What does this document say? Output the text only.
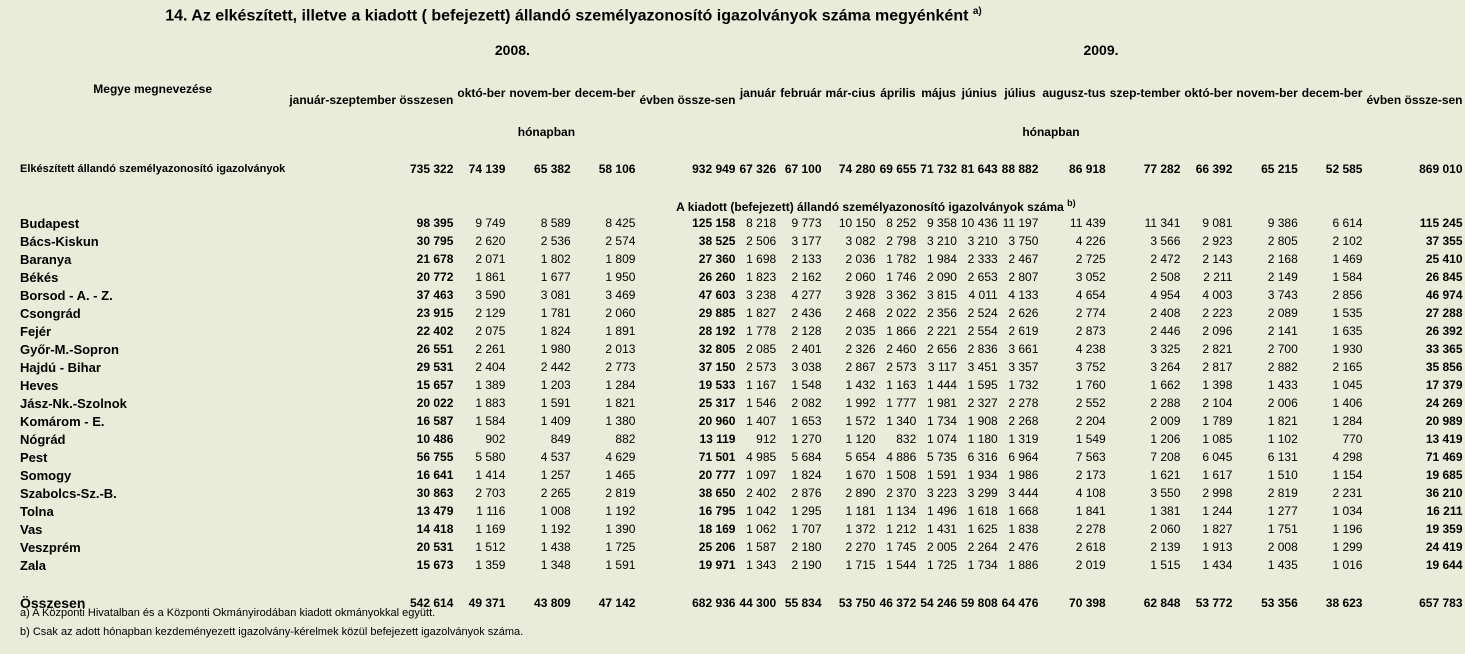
14. Az elkészített, illetve a kiadott ( befejezett) állandó személyazonosító igazolványok száma megyénként $^{a)}$
Megye megnevezése	2008.					2009.												
	január-szeptember összesen	októ-ber	novem-ber	decem-ber	évben össze-sen	január	február	már-cius	április	május	június	július	augusz-tus	szep-tember	októ-ber	novem-ber	decem-ber	évben össze-sen
		hónapban				hónapban												
Elkészített állandó személyazonosító igazolványok	735 322	74 139	65 382	58 106	932 949	67 326	67 100	74 280	69 655	71 732	81 643	88 882	86 918	77 282	66 392	65 215	52 585	869 010
	A kiadott (befejezett) állandó személyazonosító igazolványok száma $^{b)}$
Budapest	98 395	9 749	8 589	8 425	125 158	8 218	9 773	10 150	8 252	9 358	10 436	11 197	11 439	11 341	9 081	9 386	6 614	115 245
Bács-Kiskun	30 795	2 620	2 536	2 574	38 525	2 506	3 177	3 082	2 798	3 210	3 210	3 750	4 226	3 566	2 923	2 805	2 102	37 355
Baranya	21 678	2 071	1 802	1 809	27 360	1 698	2 133	2 036	1 782	1 984	2 333	2 467	2 725	2 472	2 143	2 168	1 469	25 410
Békés	20 772	1 861	1 677	1 950	26 260	1 823	2 162	2 060	1 746	2 090	2 653	2 807	3 052	2 508	2 211	2 149	1 584	26 845
Borsod - A. - Z.	37 463	3 590	3 081	3 469	47 603	3 238	4 277	3 928	3 362	3 815	4 011	4 133	4 654	4 954	4 003	3 743	2 856	46 974
Csongrád	23 915	2 129	1 781	2 060	29 885	1 827	2 436	2 468	2 022	2 356	2 524	2 626	2 774	2 408	2 223	2 089	1 535	27 288
Fejér	22 402	2 075	1 824	1 891	28 192	1 778	2 128	2 035	1 866	2 221	2 554	2 619	2 873	2 446	2 096	2 141	1 635	26 392
Győr-M.-Sopron	26 551	2 261	1 980	2 013	32 805	2 085	2 401	2 326	2 460	2 656	2 836	3 661	4 238	3 325	2 821	2 700	1 930	33 365
Hajdú - Bihar	29 531	2 404	2 442	2 773	37 150	2 573	3 038	2 867	2 573	3 117	3 451	3 357	3 752	3 264	2 817	2 882	2 165	35 856
Heves	15 657	1 389	1 203	1 284	19 533	1 167	1 548	1 432	1 163	1 444	1 595	1 732	1 760	1 662	1 398	1 433	1 045	17 379
Jász-Nk.-Szolnok	20 022	1 883	1 591	1 821	25 317	1 546	2 082	1 992	1 777	1 981	2 327	2 278	2 552	2 288	2 104	2 006	1 406	24 269
Komárom - E.	16 587	1 584	1 409	1 380	20 960	1 407	1 653	1 572	1 340	1 734	1 908	2 268	2 204	2 009	1 789	1 821	1 284	20 989
Nógrád	10 486	902	849	882	13 119	912	1 270	1 120	832	1 074	1 180	1 319	1 549	1 206	1 085	1 102	770	13 419
Pest	56 755	5 580	4 537	4 629	71 501	4 985	5 684	5 654	4 886	5 735	6 316	6 964	7 563	7 208	6 045	6 131	4 298	71 469
Somogy	16 641	1 414	1 257	1 465	20 777	1 097	1 824	1 670	1 508	1 591	1 934	1 986	2 173	1 621	1 617	1 510	1 154	19 685
Szabolcs-Sz.-B.	30 863	2 703	2 265	2 819	38 650	2 402	2 876	2 890	2 370	3 223	3 299	3 444	4 108	3 550	2 998	2 819	2 231	36 210
Tolna	13 479	1 116	1 008	1 192	16 795	1 042	1 295	1 181	1 134	1 496	1 618	1 668	1 841	1 381	1 244	1 277	1 034	16 211
Vas	14 418	1 169	1 192	1 390	18 169	1 062	1 707	1 372	1 212	1 431	1 625	1 838	2 278	2 060	1 827	1 751	1 196	19 359
Veszprém	20 531	1 512	1 438	1 725	25 206	1 587	2 180	2 270	1 745	2 005	2 264	2 476	2 618	2 139	1 913	2 008	1 299	24 419
Zala	15 673	1 359	1 348	1 591	19 971	1 343	2 190	1 715	1 544	1 725	1 734	1 886	2 019	1 515	1 434	1 435	1 016	19 644

Összesen	542 614	49 371	43 809	47 142	682 936	44 300	55 834	53 750	46 372	54 246	59 808	64 476	70 398	62 848	53 772	53 356	38 623	657 783
a) A Központi Hivatalban és a Központi Okmányirodában kiadott okmányokkal együtt.
b) Csak az adott hónapban kezdeményezett igazolvány-kérelmek közül befejezett igazolványok száma.
